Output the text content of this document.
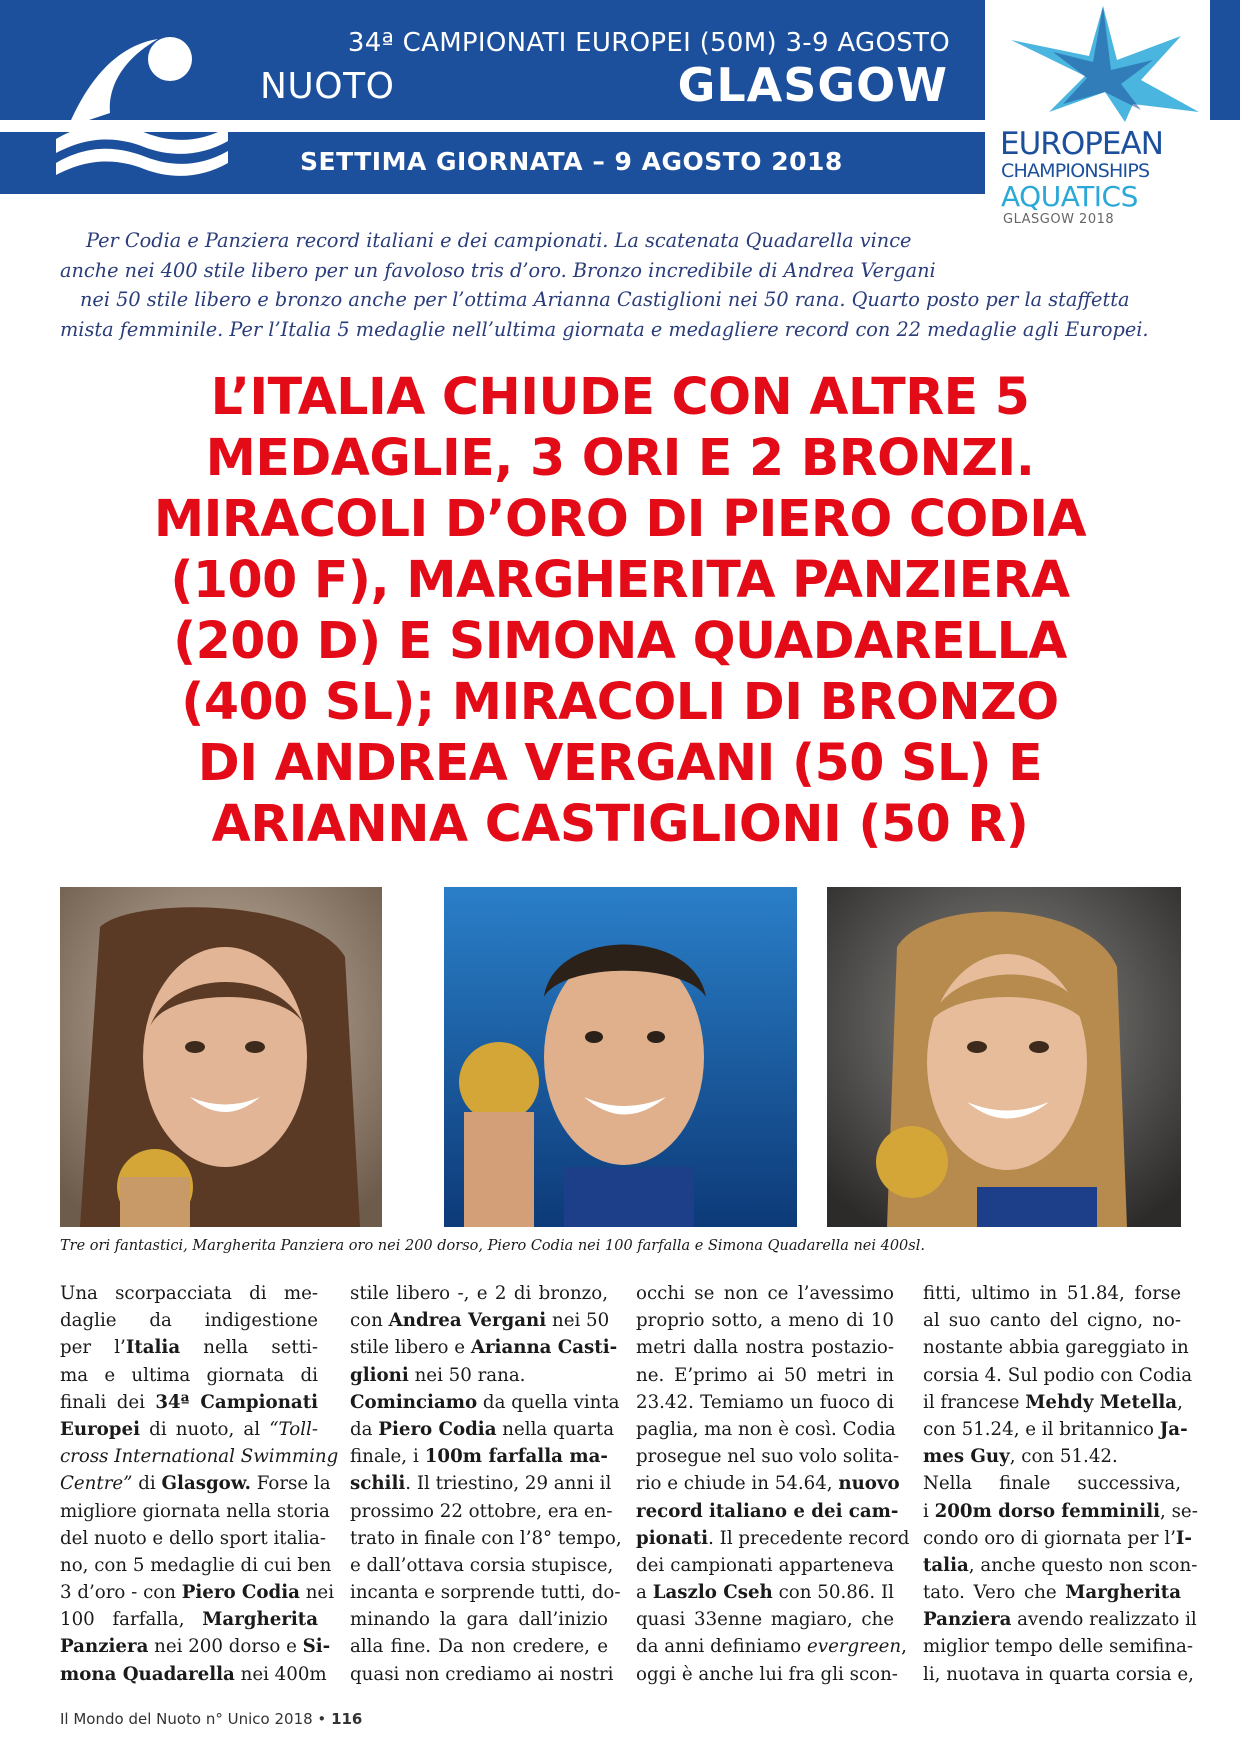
NUOTO
34ª CAMPIONATI EUROPEI (50M) 3-9 AGOSTO
GLASGOW
SETTIMA GIORNATA – 9 AGOSTO 2018	EUROPEAN
CHAMPIONSHIPS
AQUATICS
GLASGOW 2018
Per Codia e Panziera record italiani e dei campionati. La scatenata Quadarella vince
anche nei 400 stile libero per un favoloso tris d’oro. Bronzo incredibile di Andrea Vergani
nei 50 stile libero e bronzo anche per l’ottima Arianna Castiglioni nei 50 rana. Quarto posto per la staffetta
mista femminile. Per l’Italia 5 medaglie nell’ultima giornata e medagliere record con 22 medaglie agli Europei.
L’ITALIA CHIUDE CON ALTRE 5
MEDAGLIE, 3 ORI E 2 BRONZI.
MIRACOLI D’ORO DI PIERO CODIA
(100 F), MARGHERITA PANZIERA
(200 D) E SIMONA QUADARELLA
(400 SL); MIRACOLI DI BRONZO
DI ANDREA VERGANI (50 SL) E
ARIANNA CASTIGLIONI (50 R)
Tre ori fantastici, Margherita Panziera oro nei 200 dorso, Piero Codia nei 100 farfalla e Simona Quadarella nei 400sl.
Una scorpacciata di me-
daglie da indigestione
per l’Italia nella setti-
ma e ultima giornata di
finali dei 34ª Campionati
Europei di nuoto, al “Toll-
cross International Swimming
Centre” di Glasgow. Forse la
migliore giornata nella storia
del nuoto e dello sport italia-
no, con 5 medaglie di cui ben
3 d’oro - con Piero Codia nei
100 farfalla, Margherita
Panziera nei 200 dorso e Si-
mona Quadarella nei 400m
stile libero -, e 2 di bronzo,
con Andrea Vergani nei 50
stile libero e Arianna Casti-
glioni nei 50 rana.
Cominciamo da quella vinta
da Piero Codia nella quarta
finale, i 100m farfalla ma-
schili. Il triestino, 29 anni il
prossimo 22 ottobre, era en-
trato in finale con l’8° tempo,
e dall’ottava corsia stupisce,
incanta e sorprende tutti, do-
minando la gara dall’inizio
alla fine. Da non credere, e
quasi non crediamo ai nostri
occhi se non ce l’avessimo
proprio sotto, a meno di 10
metri dalla nostra postazio-
ne. E’primo ai 50 metri in
23.42. Temiamo un fuoco di
paglia, ma non è così. Codia
prosegue nel suo volo solita-
rio e chiude in 54.64, nuovo
record italiano e dei cam-
pionati. Il precedente record
dei campionati apparteneva
a Laszlo Cseh con 50.86. Il
quasi 33enne magiaro, che
da anni definiamo evergreen,
oggi è anche lui fra gli scon-
fitti, ultimo in 51.84, forse
al suo canto del cigno, no-
nostante abbia gareggiato in
corsia 4. Sul podio con Codia
il francese Mehdy Metella,
con 51.24, e il britannico Ja-
mes Guy, con 51.42.
Nella finale successiva,
i 200m dorso femminili, se-
condo oro di giornata per l’I-
talia, anche questo non scon-
tato. Vero che Margherita
Panziera avendo realizzato il
miglior tempo delle semifina-
li, nuotava in quarta corsia e,
Il Mondo del Nuoto n° Unico 2018 • 116
